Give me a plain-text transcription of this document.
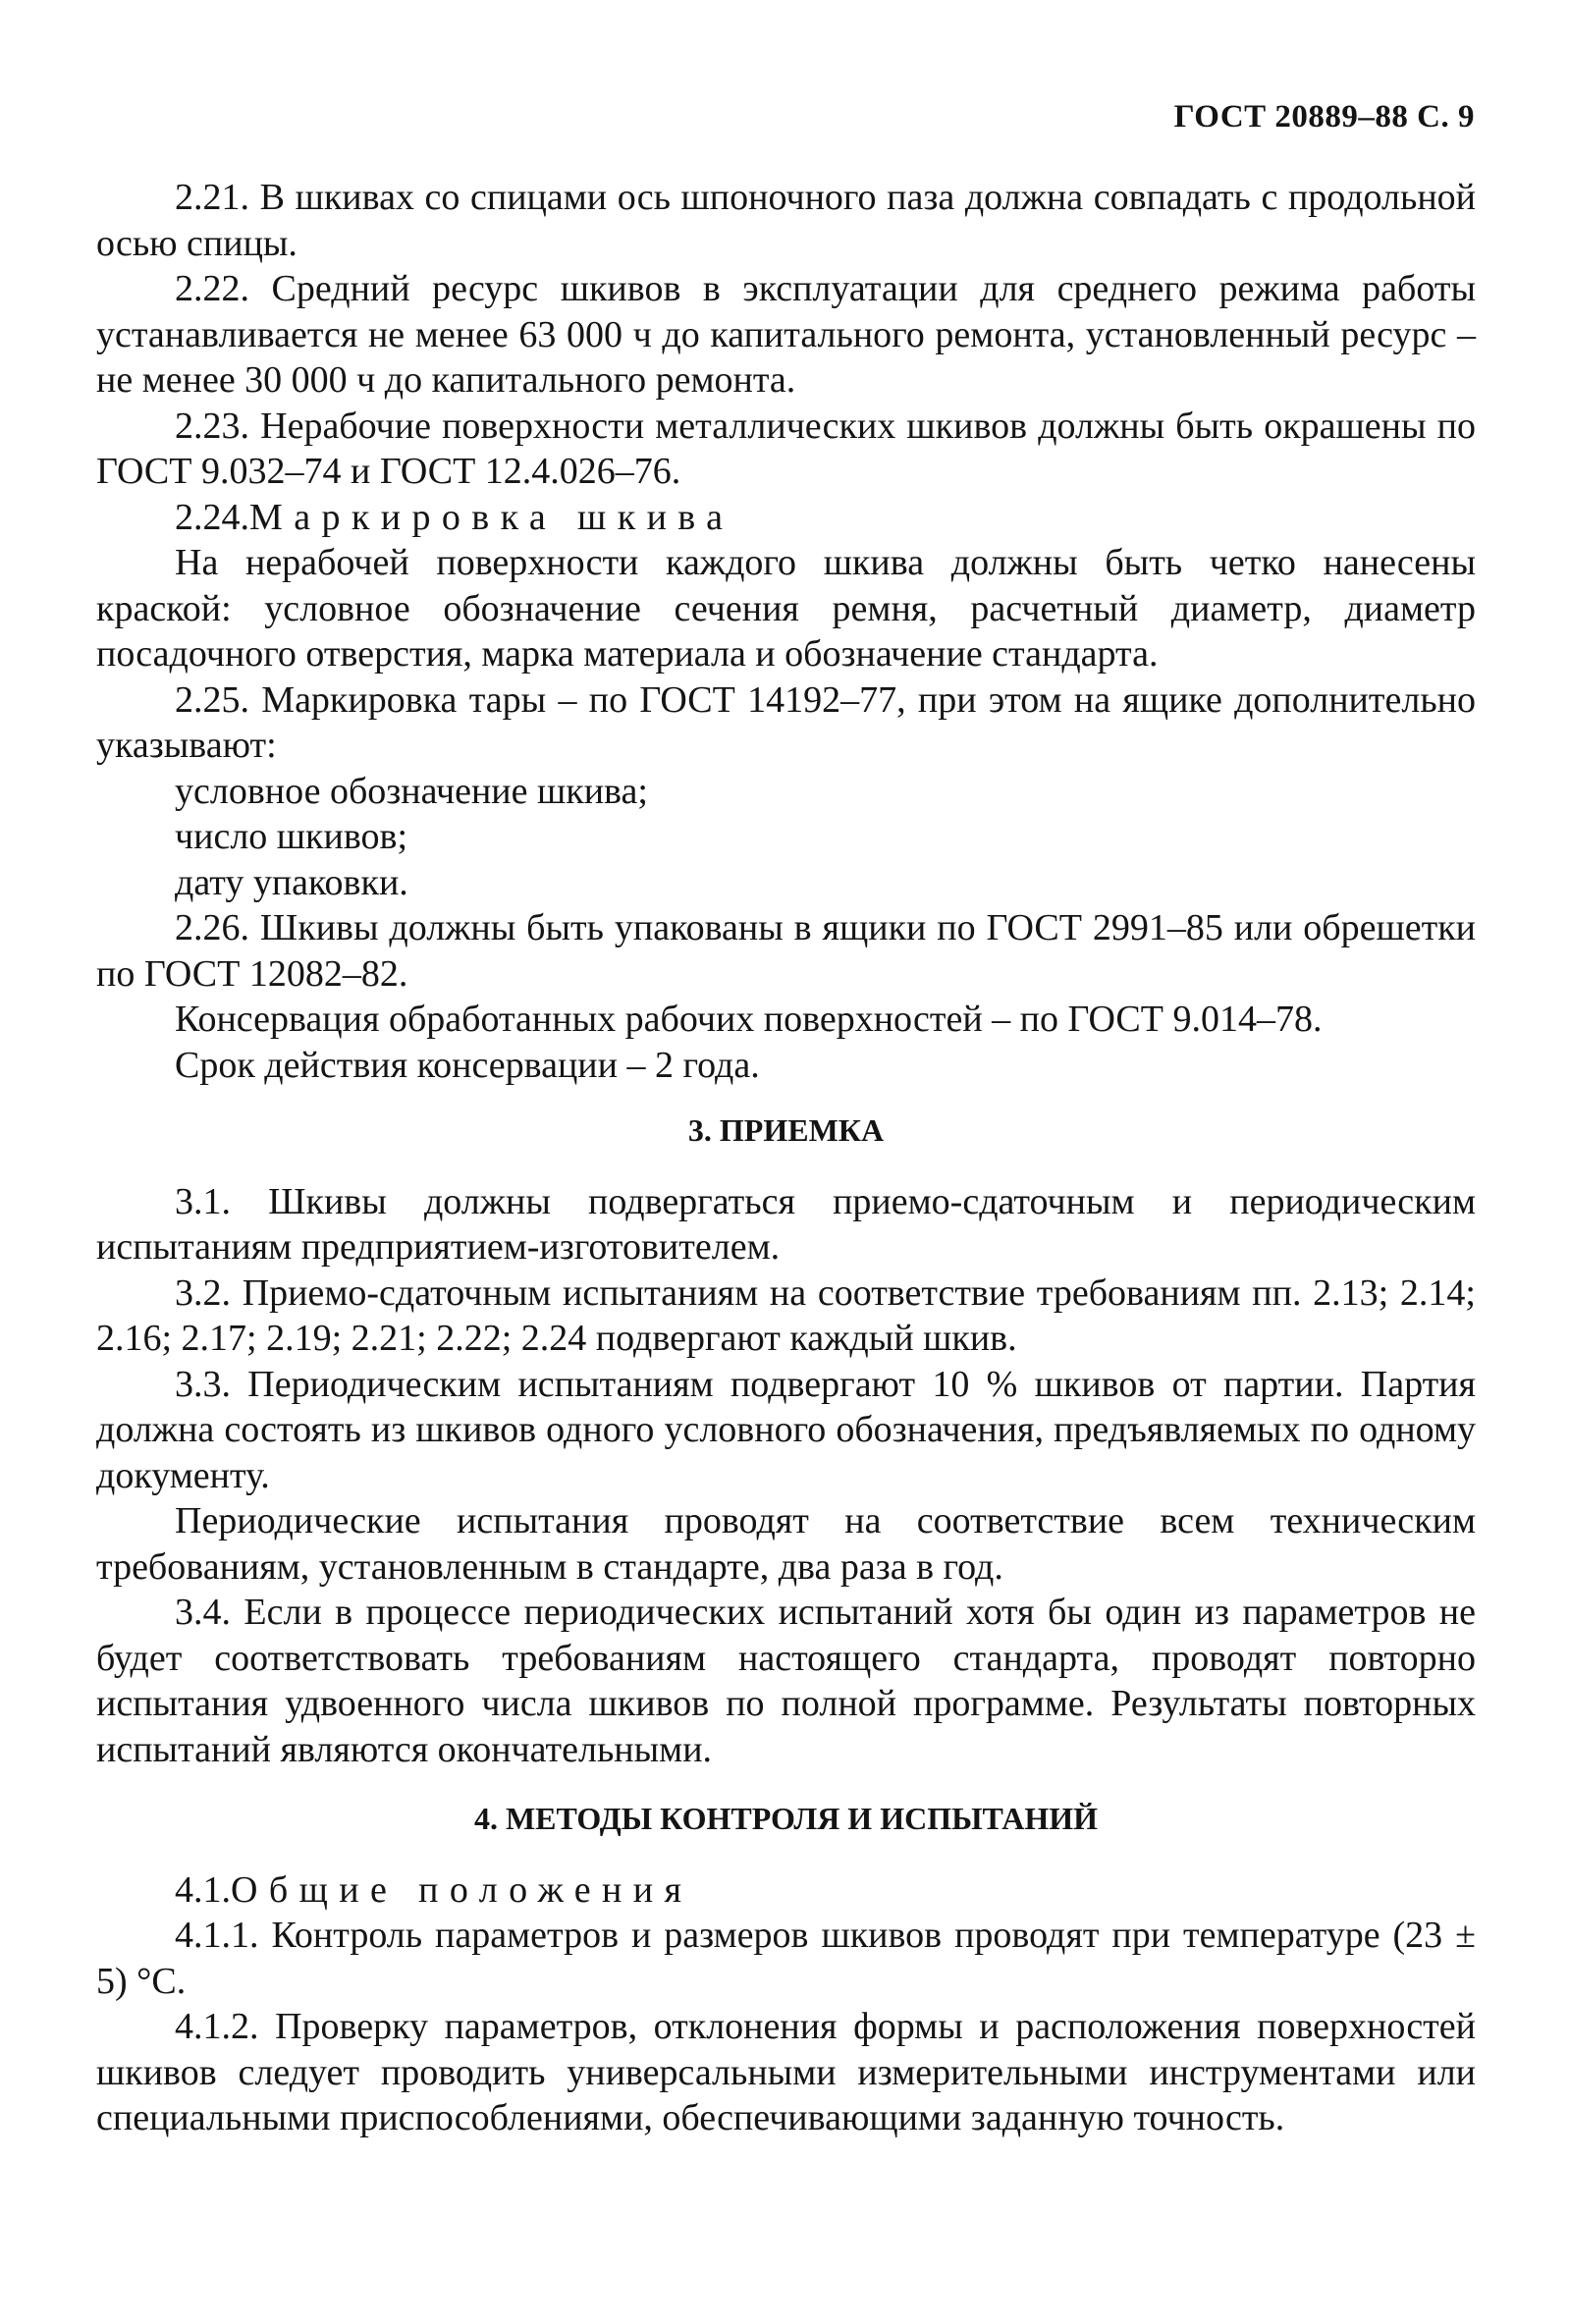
ГОСТ 20889–88 С. 9

2.21. В шкивах со спицами ось шпоночного паза должна совпадать с продольной осью спицы.

2.22. Средний ресурс шкивов в эксплуатации для среднего режима работы устанавливается не менее 63 000 ч до капитального ремонта, установленный ресурс – не менее 30 000 ч до капитального ремонта.

2.23. Нерабочие поверхности металлических шкивов должны быть окрашены по ГОСТ 9.032–74 и ГОСТ 12.4.026–76.

2.24.Маркировка шкива

На нерабочей поверхности каждого шкива должны быть четко нанесены краской: условное обозначение сечения ремня, расчетный диаметр, диаметр посадочного отверстия, марка материала и обозначение стандарта.

2.25. Маркировка тары – по ГОСТ 14192–77, при этом на ящике дополнительно указывают:

условное обозначение шкива;

число шкивов;

дату упаковки.

2.26. Шкивы должны быть упакованы в ящики по ГОСТ 2991–85 или обрешетки по ГОСТ 12082–82.

Консервация обработанных рабочих поверхностей – по ГОСТ 9.014–78.

Срок действия консервации – 2 года.

3. ПРИЕМКА

3.1. Шкивы должны подвергаться приемо-сдаточным и периодическим испытаниям предприятием-изготовителем.

3.2. Приемо-сдаточным испытаниям на соответствие требованиям пп. 2.13; 2.14; 2.16; 2.17; 2.19; 2.21; 2.22; 2.24 подвергают каждый шкив.

3.3. Периодическим испытаниям подвергают 10 % шкивов от партии. Партия должна состоять из шкивов одного условного обозначения, предъявляемых по одному документу.

Периодические испытания проводят на соответствие всем техническим требованиям, установленным в стандарте, два раза в год.

3.4. Если в процессе периодических испытаний хотя бы один из параметров не будет соответствовать требованиям настоящего стандарта, проводят повторно испытания удвоенного числа шкивов по полной программе. Результаты повторных испытаний являются окончательными.

4. МЕТОДЫ КОНТРОЛЯ И ИСПЫТАНИЙ

4.1.Общие положения

4.1.1. Контроль параметров и размеров шкивов проводят при температуре (23 ± 5) °С.

4.1.2. Проверку параметров, отклонения формы и расположения поверхностей шкивов следует проводить универсальными измерительными инструментами или специальными приспособлениями, обеспечивающими заданную точность.
